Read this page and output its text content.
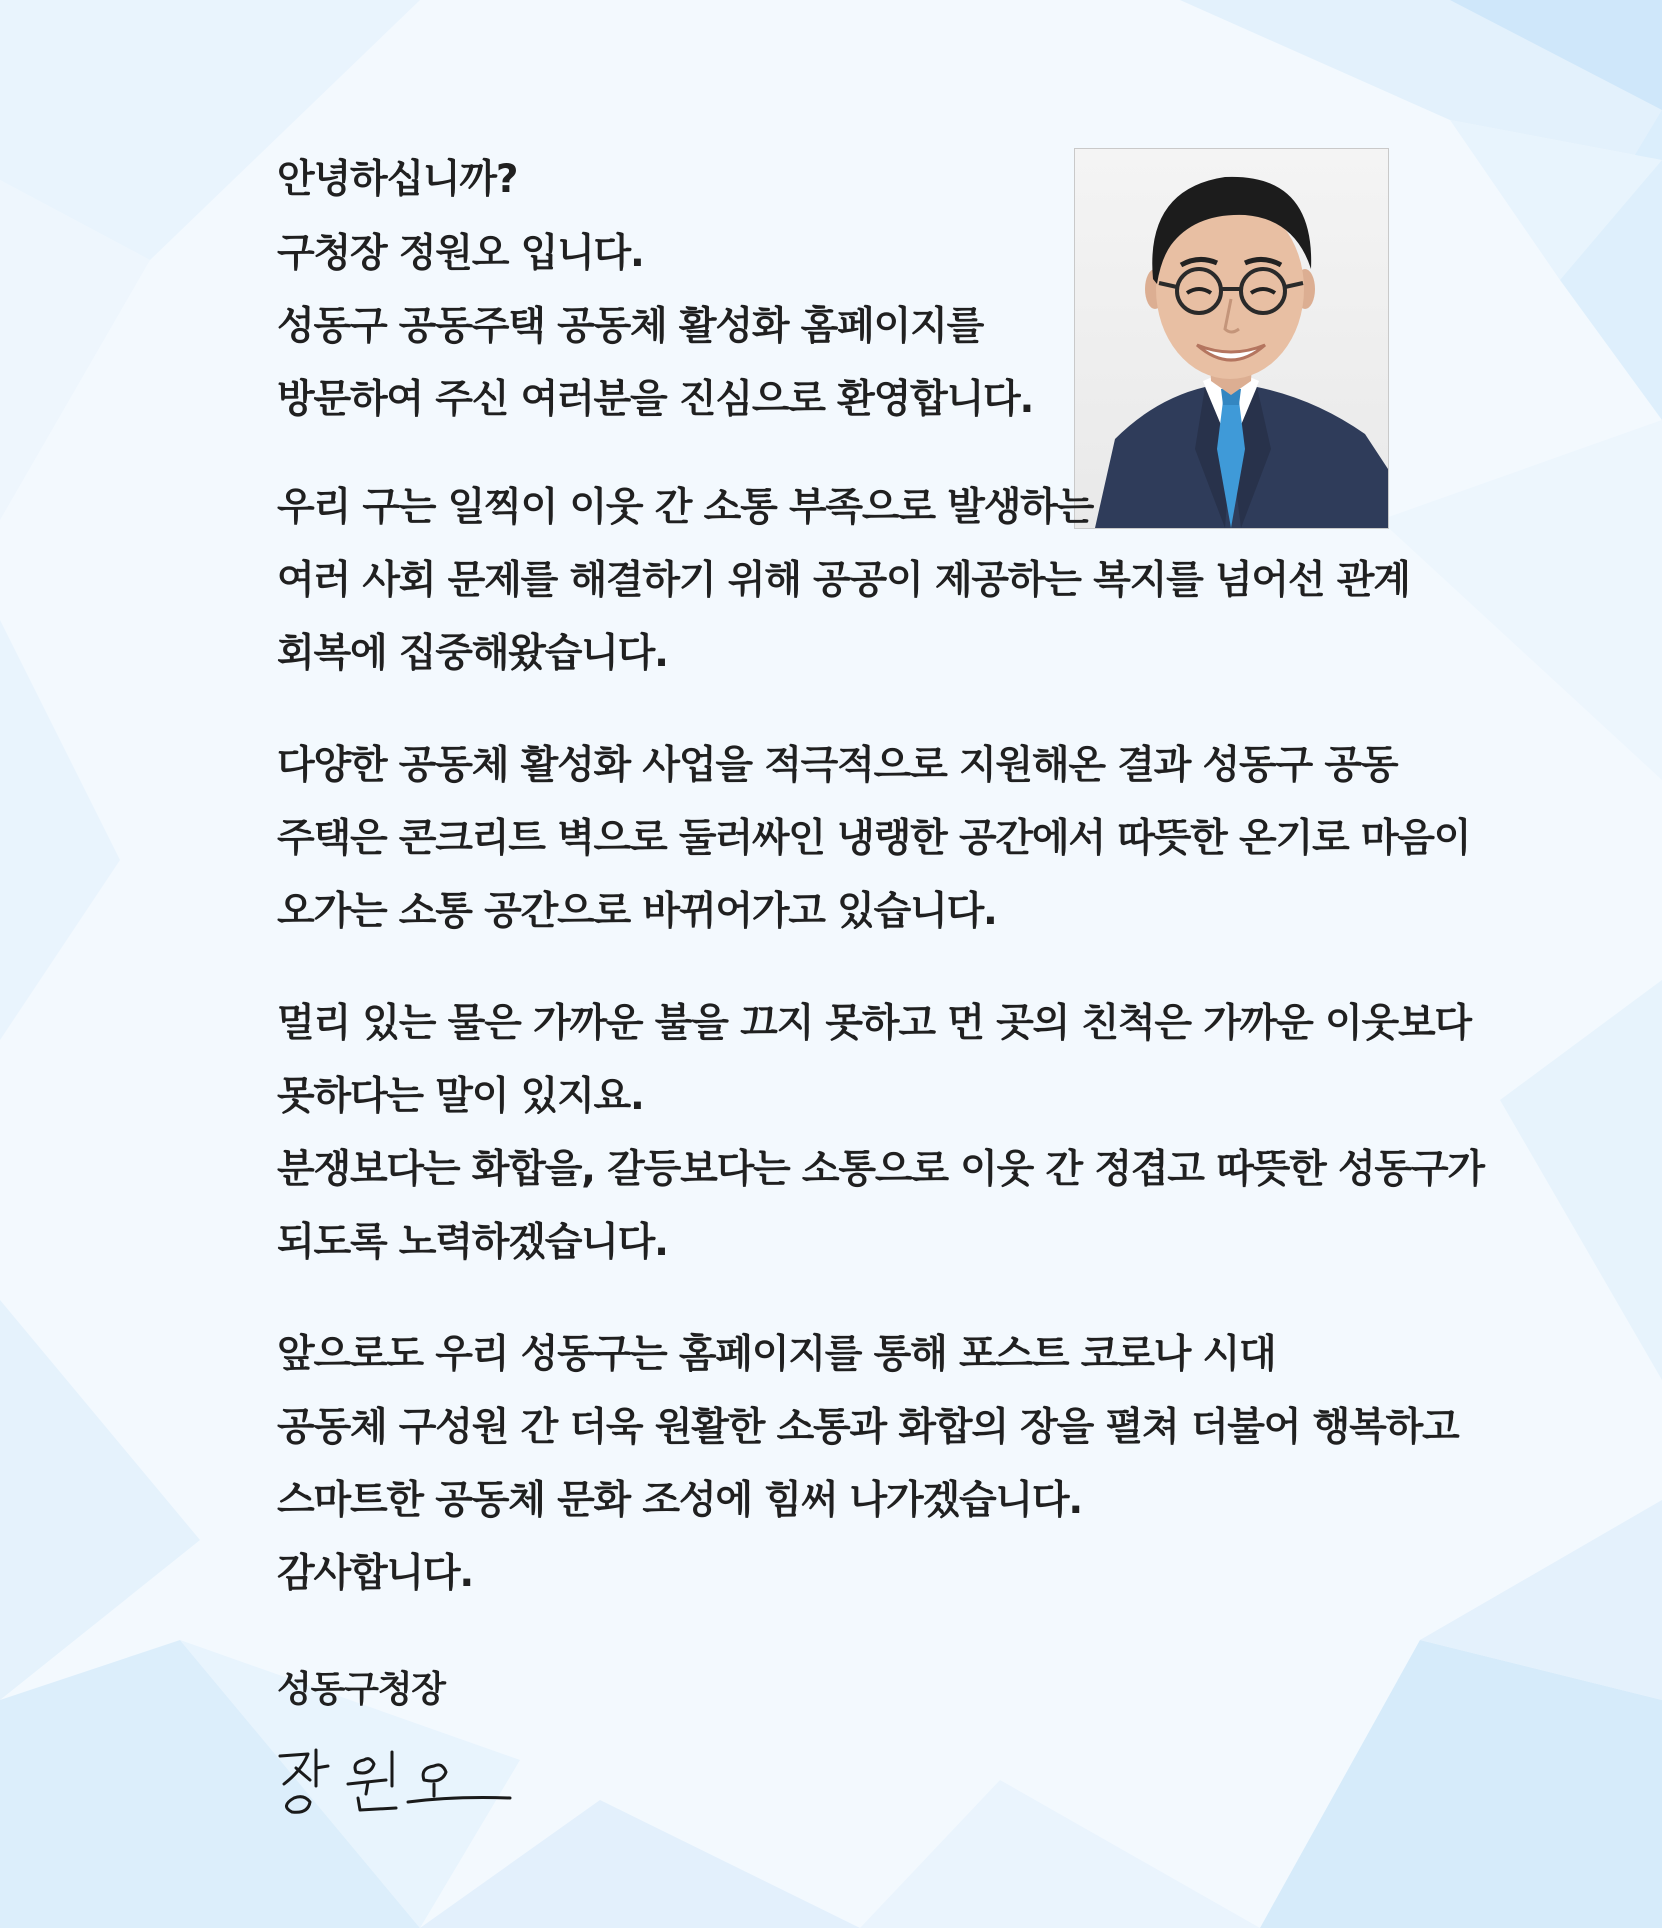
안녕하십니까?

구청장 정원오 입니다.

성동구 공동주택 공동체 활성화 홈페이지를

방문하여 주신 여러분을 진심으로 환영합니다.

우리 구는 일찍이 이웃 간 소통 부족으로 발생하는

여러 사회 문제를 해결하기 위해 공공이 제공하는 복지를 넘어선 관계

회복에 집중해왔습니다.

다양한 공동체 활성화 사업을 적극적으로 지원해온 결과 성동구 공동

주택은 콘크리트 벽으로 둘러싸인 냉랭한 공간에서 따뜻한 온기로 마음이

오가는 소통 공간으로 바뀌어가고 있습니다.

멀리 있는 물은 가까운 불을 끄지 못하고 먼 곳의 친척은 가까운 이웃보다

못하다는 말이 있지요.

분쟁보다는 화합을, 갈등보다는 소통으로 이웃 간 정겹고 따뜻한 성동구가

되도록 노력하겠습니다.

앞으로도 우리 성동구는 홈페이지를 통해 포스트 코로나 시대

공동체 구성원 간 더욱 원활한 소통과 화합의 장을 펼쳐 더불어 행복하고

스마트한 공동체 문화 조성에 힘써 나가겠습니다.

감사합니다.

성동구청장
